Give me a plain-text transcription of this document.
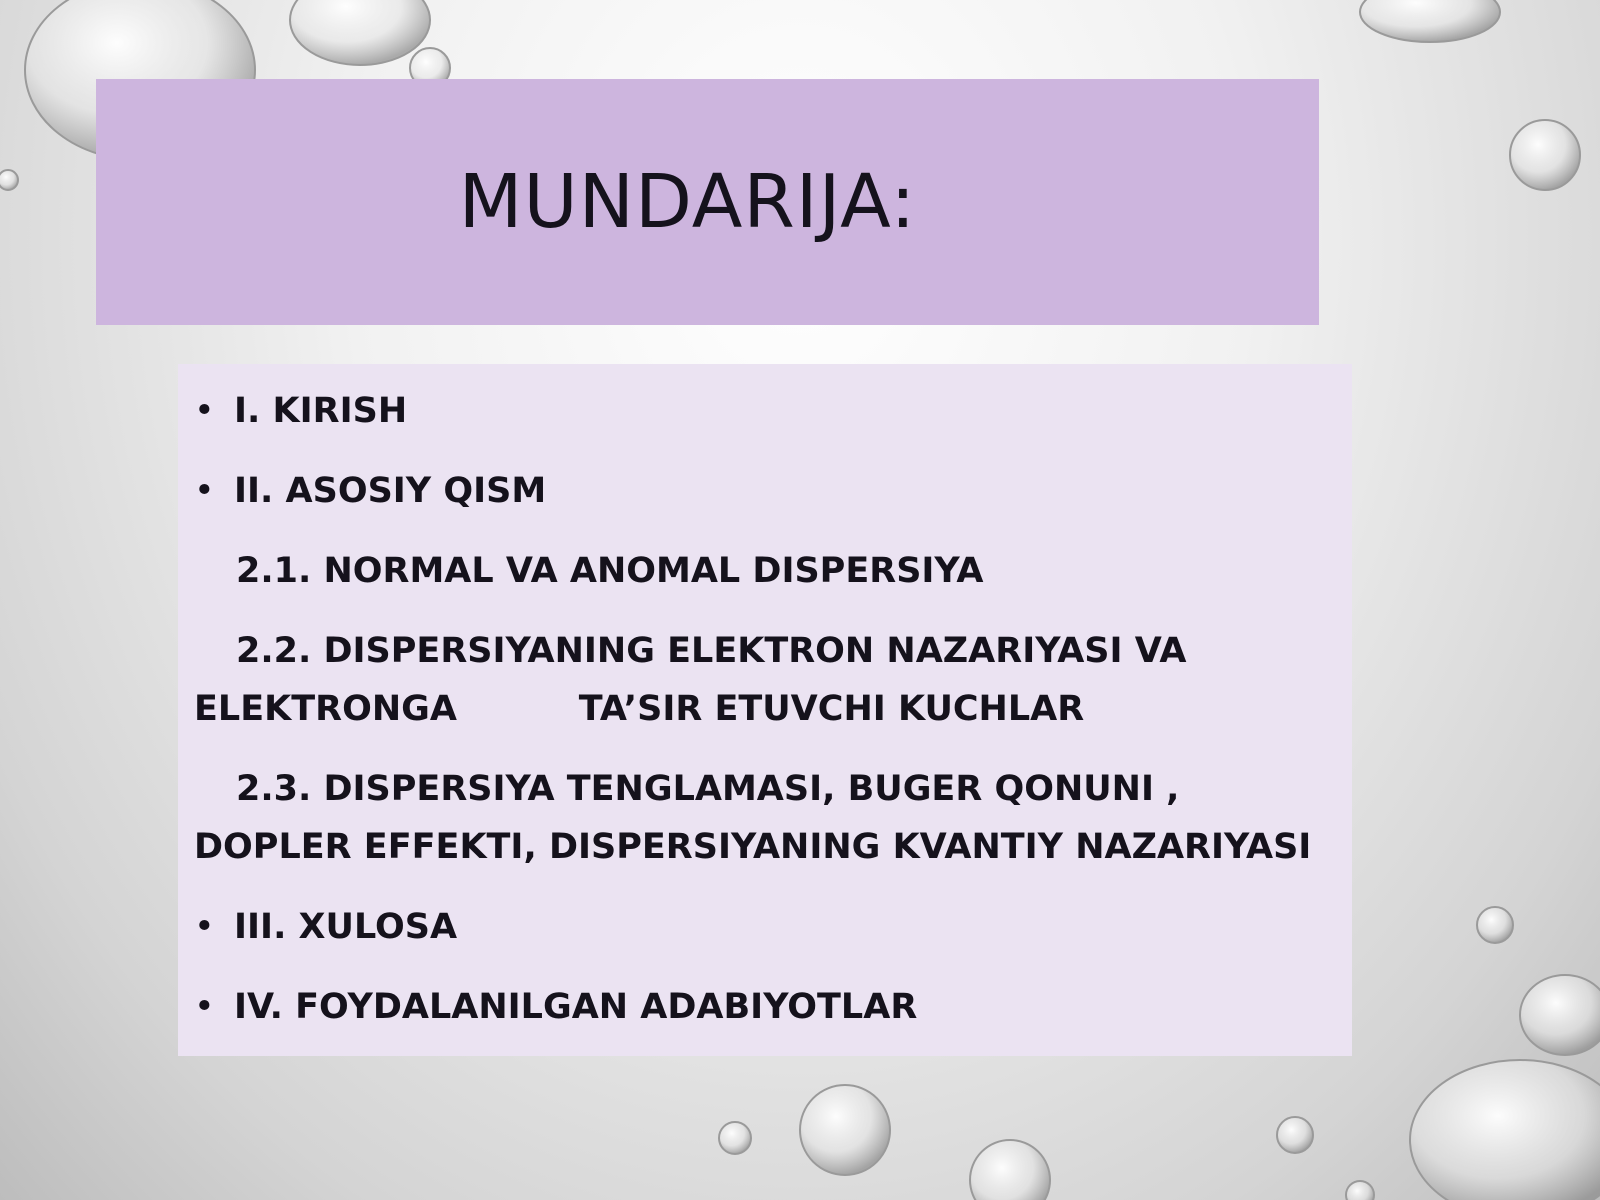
MUNDARIJA:
• I. KIRISH
• II. ASOSIY QISM
2.1. NORMAL VA ANOMAL DISPERSIYA
2.2. DISPERSIYANING ELEKTRON NAZARIYASI VA ELEKTRONGA          TA’SIR ETUVCHI KUCHLAR
2.3. DISPERSIYA TENGLAMASI, BUGER QONUNI , DOPLER EFFEKTI, DISPERSIYANING KVANTIY NAZARIYASI
• III. XULOSA
• IV. FOYDALANILGAN ADABIYOTLAR
